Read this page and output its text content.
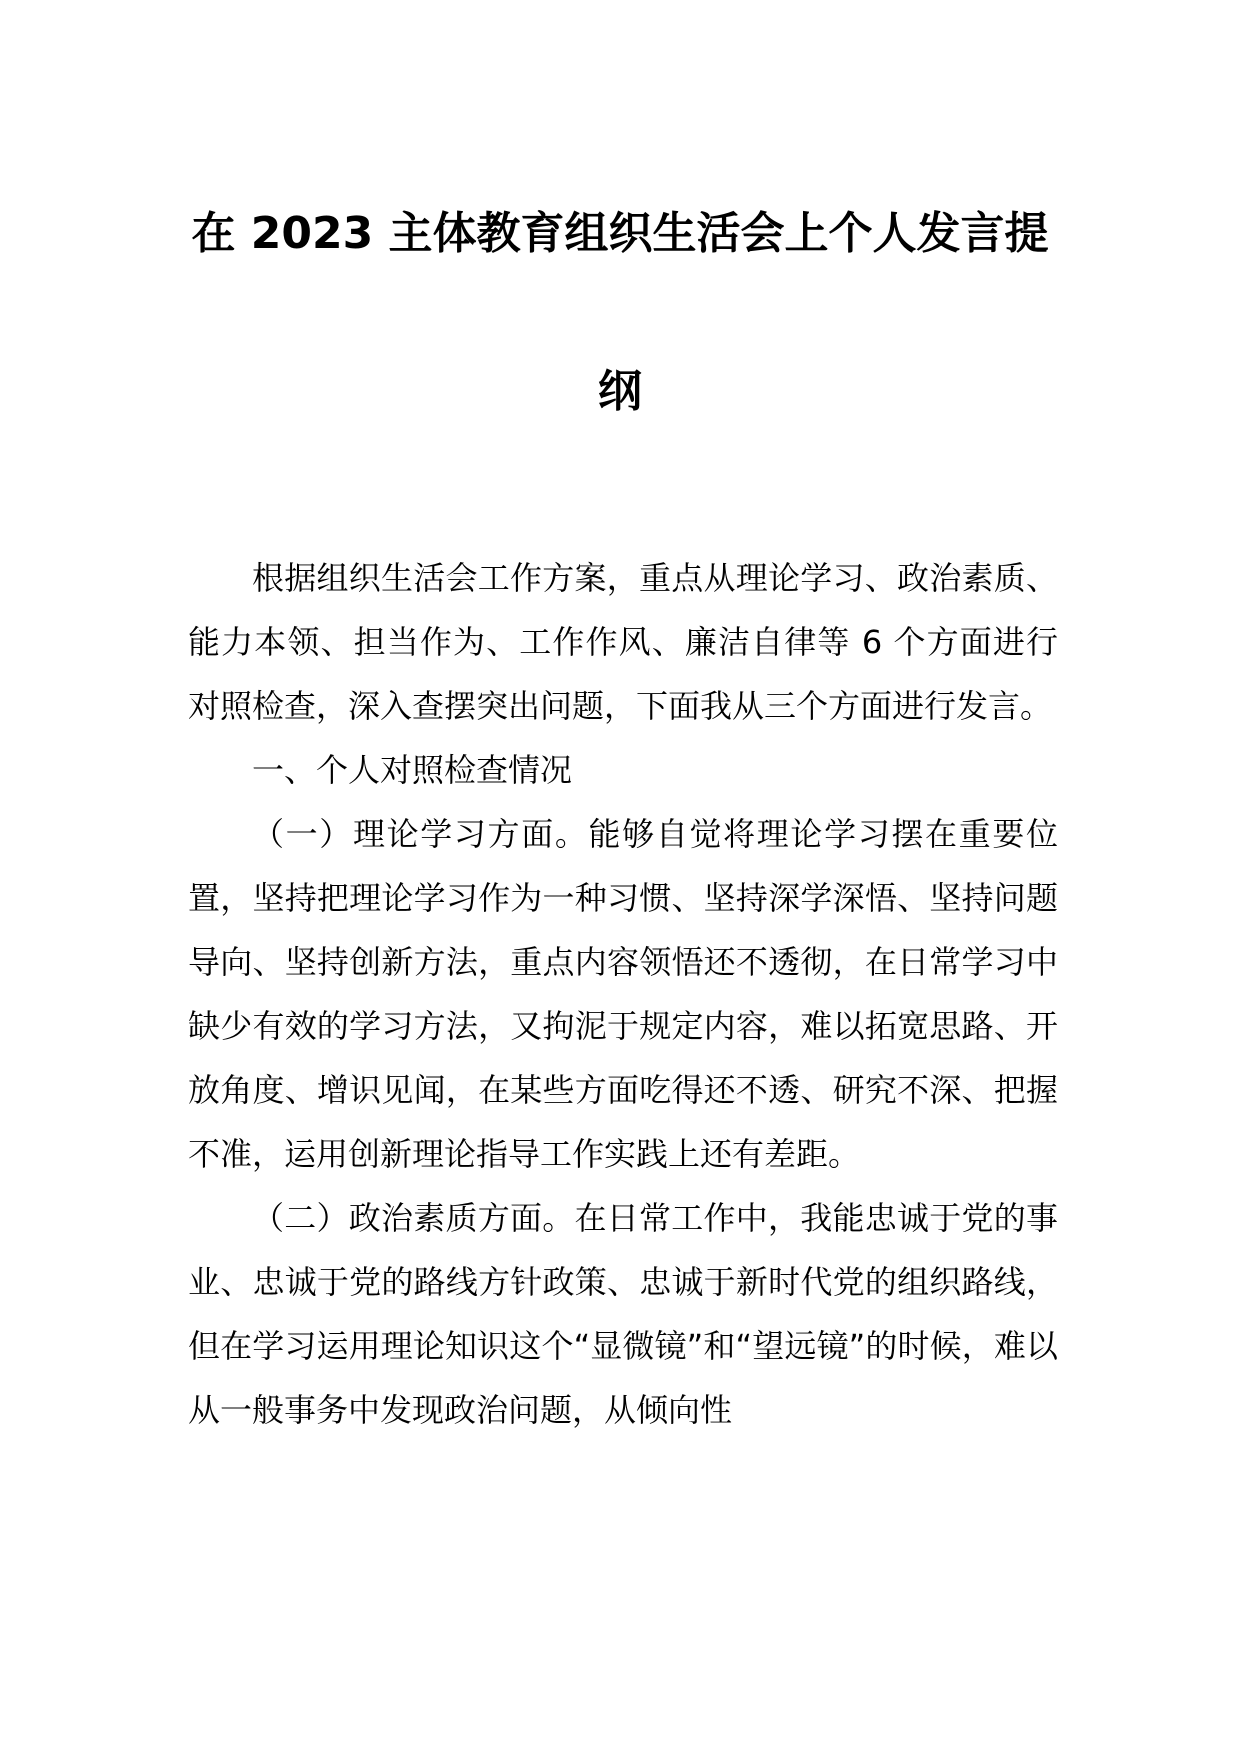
在 2023 主体教育组织生活会上个人发言提
纲

根据组织生活会工作方案，重点从理论学习、政治素质、能力本领、担当作为、工作作风、廉洁自律等 6 个方面进行对照检查，深入查摆突出问题，下面我从三个方面进行发言。

一、个人对照检查情况

（一）理论学习方面。能够自觉将理论学习摆在重要位置，坚持把理论学习作为一种习惯、坚持深学深悟、坚持问题导向、坚持创新方法，重点内容领悟还不透彻，在日常学习中缺少有效的学习方法，又拘泥于规定内容，难以拓宽思路、开放角度、增识见闻，在某些方面吃得还不透、研究不深、把握不准，运用创新理论指导工作实践上还有差距。

（二）政治素质方面。在日常工作中，我能忠诚于党的事业、忠诚于党的路线方针政策、忠诚于新时代党的组织路线，但在学习运用理论知识这个“显微镜”和“望远镜”的时候，难以从一般事务中发现政治问题，从倾向性
